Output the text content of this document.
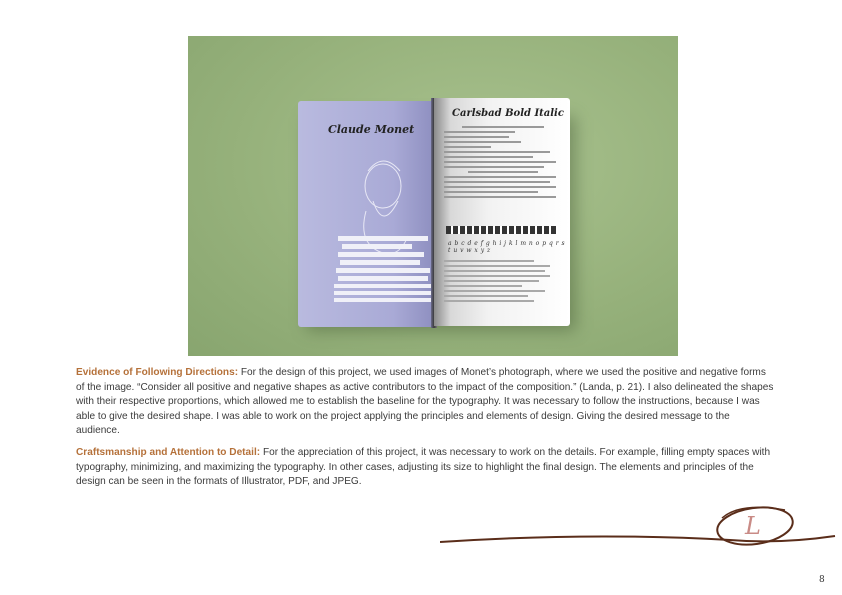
Claude Monet
Carlsbad Bold Italic
a b c d e f g h i j k l m n o p q r s t u v w x y z
Evidence of Following Directions: For the design of this project, we used images of Monet’s photograph, where we used the positive and negative forms of the image. “Consider all positive and negative shapes as active contributors to the impact of the composition.” (Landa, p. 21). I also delineated the shapes with their respective proportions, which allowed me to establish the baseline for the typography. It was necessary to follow the instructions, because I was able to give the desired shape. I was able to work on the project applying the principles and elements of design. Giving the desired message to the audience.
Craftsmanship and Attention to Detail: For the appreciation of this project, it was necessary to work on the details. For example, filling empty spaces with typography, minimizing, and maximizing the typography. In other cases, adjusting its size to highlight the final design. The elements and principles of the design can be seen in the formats of Illustrator, PDF, and JPEG.
L
8
